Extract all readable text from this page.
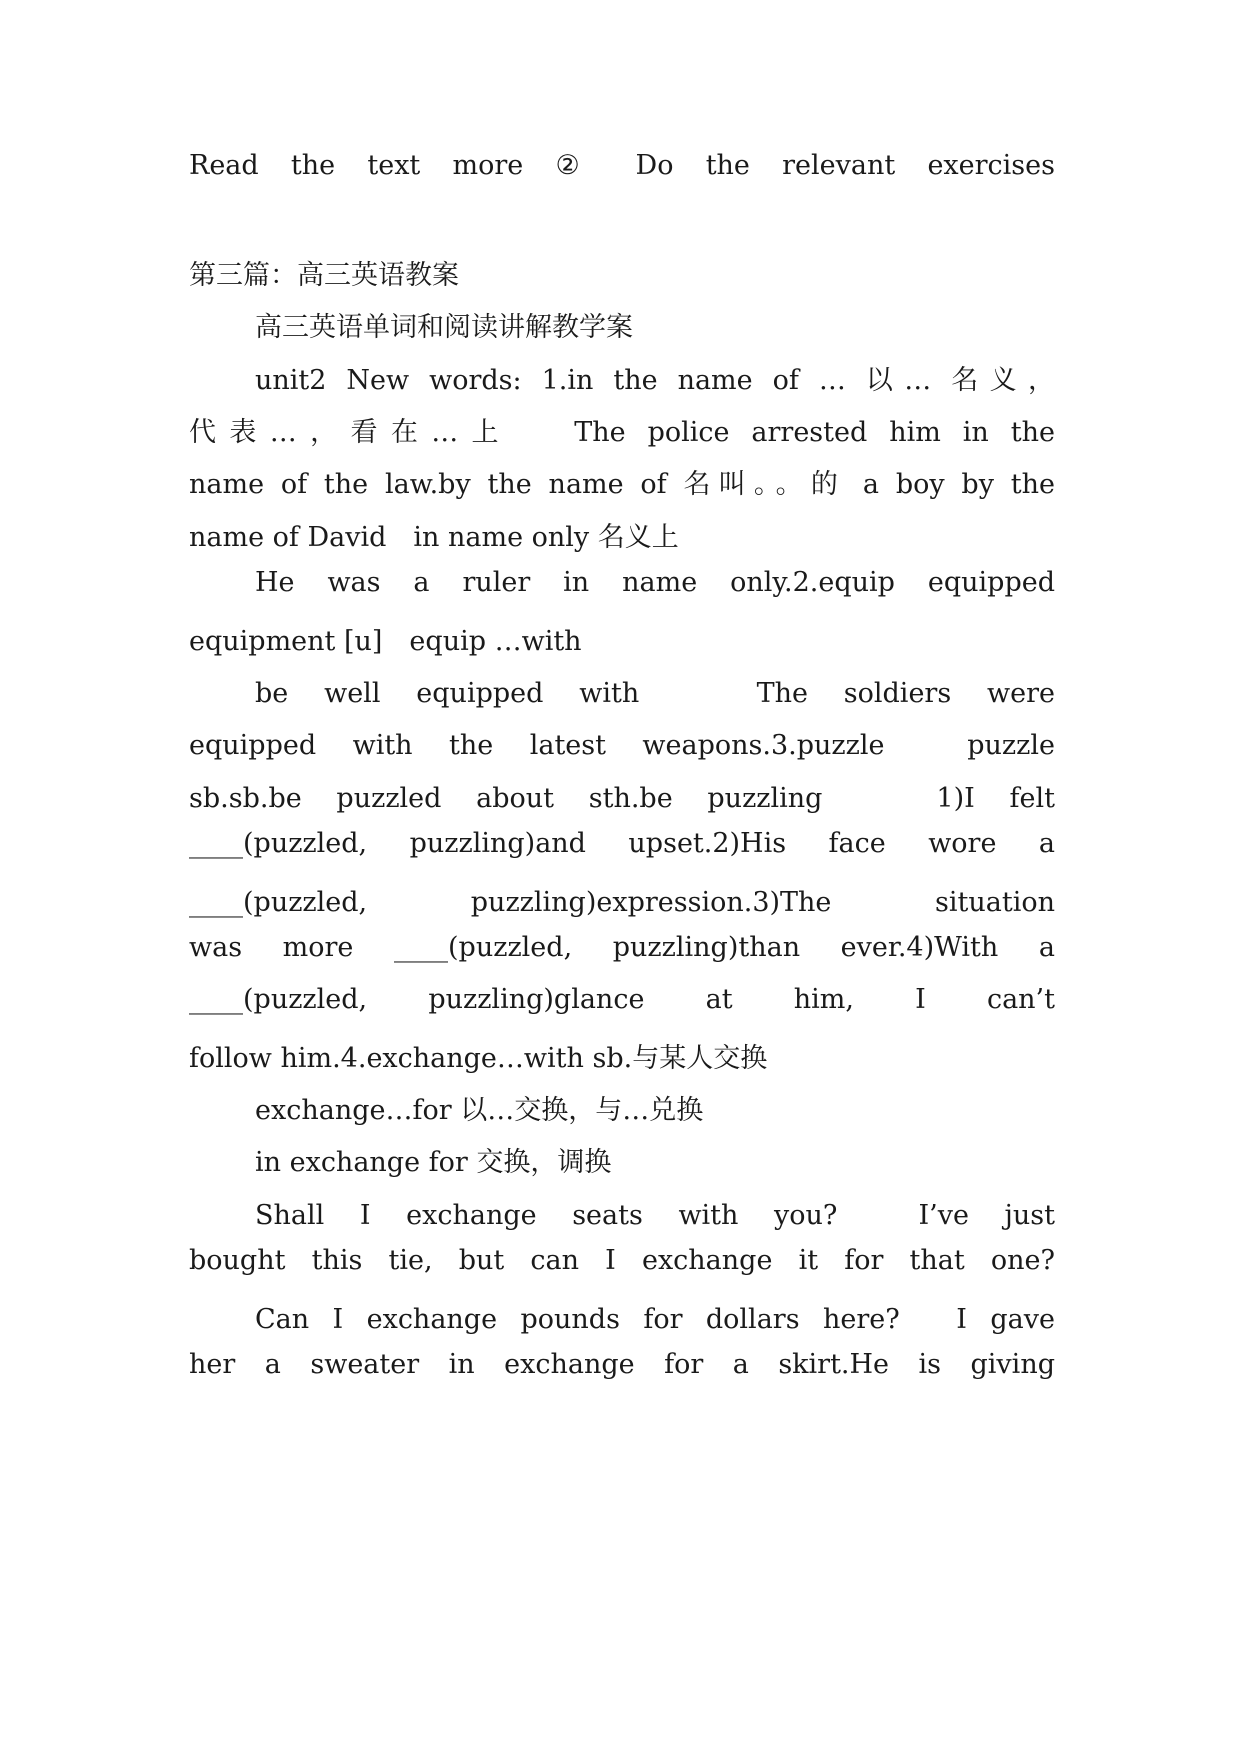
Read the text more ② Do the relevant exercises
第三篇：高三英语教案
高三英语单词和阅读讲解教学案
unit2 New words: 1.in the name of … 以… 名义，
代表…，看在…上　 The police arrested him in the
name of the law.by the name of 名叫。。的 a boy by the
name of David　in name only 名义上
He was a ruler in name only.2.equip equipped
equipment [u]　equip …with
be well equipped with　 The soldiers were
equipped with the latest weapons.3.puzzle　puzzle
sb.sb.be puzzled about sth.be puzzling　 1)I felt
____(puzzled, puzzling)and upset.2)His face wore a
____(puzzled,　puzzling)expression.3)The　situation
was more ____(puzzled, puzzling)than ever.4)With a
____(puzzled, puzzling)glance at him, I can’t
follow him.4.exchange…with sb.与某人交换
exchange…for 以…交换，与…兑换
in exchange for 交换，调换
Shall I exchange seats with you?　I’ve just
bought this tie, but can I exchange it for that one?
Can I exchange pounds for dollars here?　I gave
her a sweater in exchange for a skirt.He is giving
